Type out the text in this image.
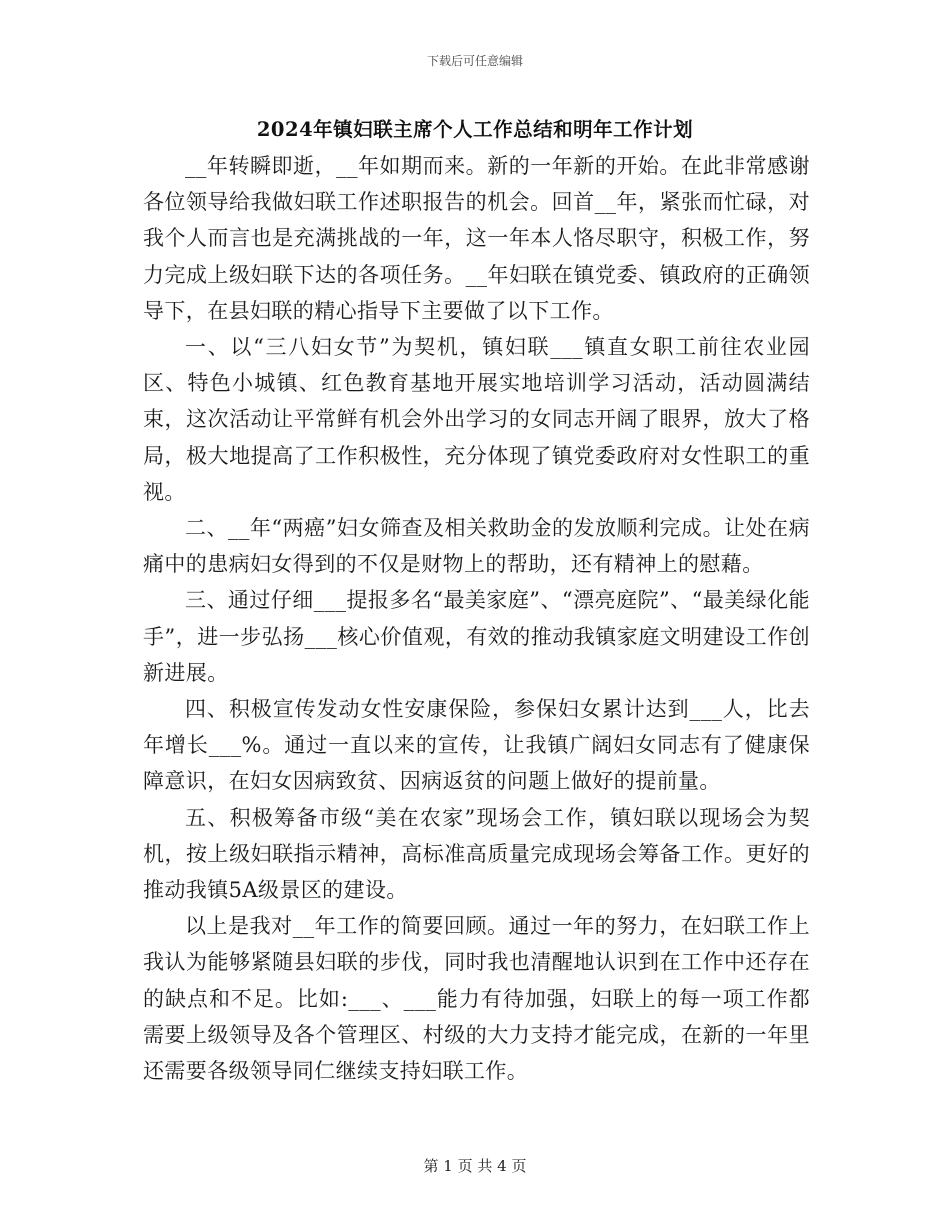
下载后可任意编辑
2024年镇妇联主席个人工作总结和明年工作计划

__年转瞬即逝，__年如期而来。新的一年新的开始。在此非常感谢各位领导给我做妇联工作述职报告的机会。回首__年，紧张而忙碌，对我个人而言也是充满挑战的一年，这一年本人恪尽职守，积极工作，努力完成上级妇联下达的各项任务。__年妇联在镇党委、镇政府的正确领导下，在县妇联的精心指导下主要做了以下工作。

一、以“三八妇女节”为契机，镇妇联___镇直女职工前往农业园区、特色小城镇、红色教育基地开展实地培训学习活动，活动圆满结束，这次活动让平常鲜有机会外出学习的女同志开阔了眼界，放大了格局，极大地提高了工作积极性，充分体现了镇党委政府对女性职工的重视。

二、__年“两癌”妇女筛查及相关救助金的发放顺利完成。让处在病痛中的患病妇女得到的不仅是财物上的帮助，还有精神上的慰藉。

三、通过仔细___提报多名“最美家庭”、“漂亮庭院”、“最美绿化能手”，进一步弘扬___核心价值观，有效的推动我镇家庭文明建设工作创新进展。

四、积极宣传发动女性安康保险，参保妇女累计达到___人，比去年增长___%。通过一直以来的宣传，让我镇广阔妇女同志有了健康保障意识，在妇女因病致贫、因病返贫的问题上做好的提前量。

五、积极筹备市级“美在农家”现场会工作，镇妇联以现场会为契机，按上级妇联指示精神，高标准高质量完成现场会筹备工作。更好的推动我镇5A级景区的建设。

以上是我对__年工作的简要回顾。通过一年的努力，在妇联工作上我认为能够紧随县妇联的步伐，同时我也清醒地认识到在工作中还存在的缺点和不足。比如:___、___能力有待加强，妇联上的每一项工作都需要上级领导及各个管理区、村级的大力支持才能完成，在新的一年里还需要各级领导同仁继续支持妇联工作。

第 1 页 共 4 页
